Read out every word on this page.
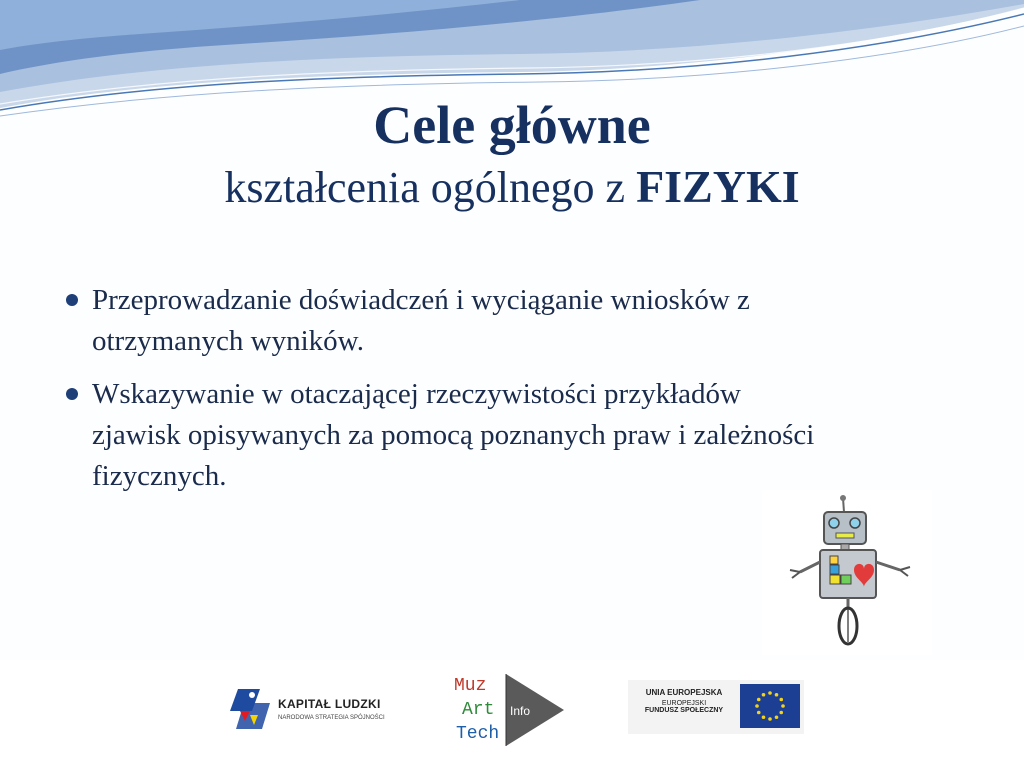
Cele główne
kształcenia ogólnego z FIZYKI
Przeprowadzanie doświadczeń i wyciąganie wniosków z otrzymanych wyników.
Wskazywanie w otaczającej rzeczywistości przykładów zjawisk opisywanych za pomocą poznanych praw i zależności fizycznych.
KAPITAŁ LUDZKI
NARODOWA STRATEGIA SPÓJNOŚCI
Muz
Art
Tech
Info
UNIA EUROPEJSKA
EUROPEJSKI
FUNDUSZ SPOŁECZNY
